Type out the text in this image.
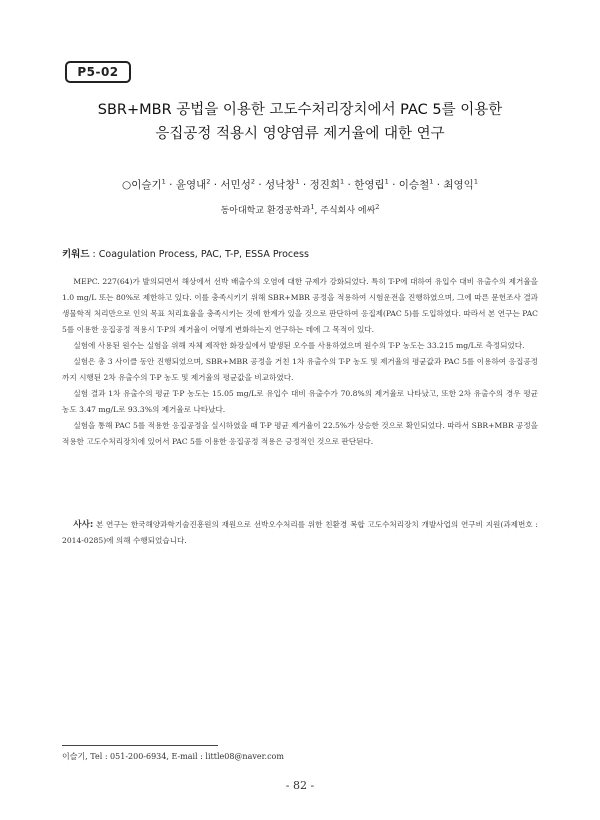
P5-02
SBR+MBR 공법을 이용한 고도수처리장치에서 PAC 5를 이용한
응집공정 적용시 영양염류 제거율에 대한 연구
○이슬기$^1$ · 윤영내$^2$ · 서민성$^2$ · 성낙창$^1$ · 정진희$^1$ · 한영립$^1$ · 이승철$^1$ · 최영익$^1$
동아대학교 환경공학과$^1$, 주식회사 에싸$^2$
키워드 : Coagulation Process, PAC, T-P, ESSA Process

MEPC. 227(64)가 발의되면서 해상에서 선박 배출수의 오염에 대한 규제가 강화되었다. 특히 T-P에 대하여 유입수 대비 유출수의 제거율을 1.0 mg/L 또는 80%로 제한하고 있다. 이를 충족시키기 위해 SBR+MBR 공정을 적용하여 시험운전을 진행하였으며, 그에 따른 문헌조사 결과 생물학적 처리만으로 인의 목표 처리효율을 충족시키는 것에 한계가 있을 것으로 판단하여 응집제(PAC 5)를 도입하였다. 따라서 본 연구는 PAC 5를 이용한 응집공정 적용시 T-P의 제거율이 어떻게 변화하는지 연구하는 데에 그 목적이 있다.

실험에 사용된 원수는 실험을 위해 자체 제작한 화장실에서 발생된 오수를 사용하였으며 원수의 T-P 농도는 33.215 mg/L로 측정되었다.

실험은 총 3 사이클 동안 진행되었으며, SBR+MBR 공정을 거친 1차 유출수의 T-P 농도 및 제거율의 평균값과 PAC 5를 이용하여 응집공정까지 시행된 2차 유출수의 T-P 농도 및 제거율의 평균값을 비교하였다.

실험 결과 1차 유출수의 평균 T-P 농도는 15.05 mg/L로 유입수 대비 유출수가 70.8%의 제거율로 나타났고, 또한 2차 유출수의 경우 평균 농도 3.47 mg/L로 93.3%의 제거율로 나타났다.

실험을 통해 PAC 5를 적용한 응집공정을 실시하였을 때 T-P 평균 제거율이 22.5%가 상승한 것으로 확인되었다. 따라서 SBR+MBR 공정을 적용한 고도수처리장치에 있어서 PAC 5를 이용한 응집공정 적용은 긍정적인 것으로 판단된다.

사사: 본 연구는 한국해양과학기술진흥원의 재원으로 선박오수처리를 위한 친환경 복합 고도수처리장치 개발사업의 연구비 지원(과제번호 : 2014-0285)에 의해 수행되었습니다.

이슬기, Tel : 051-200-6934, E-mail : little08@naver.com
- 82 -
